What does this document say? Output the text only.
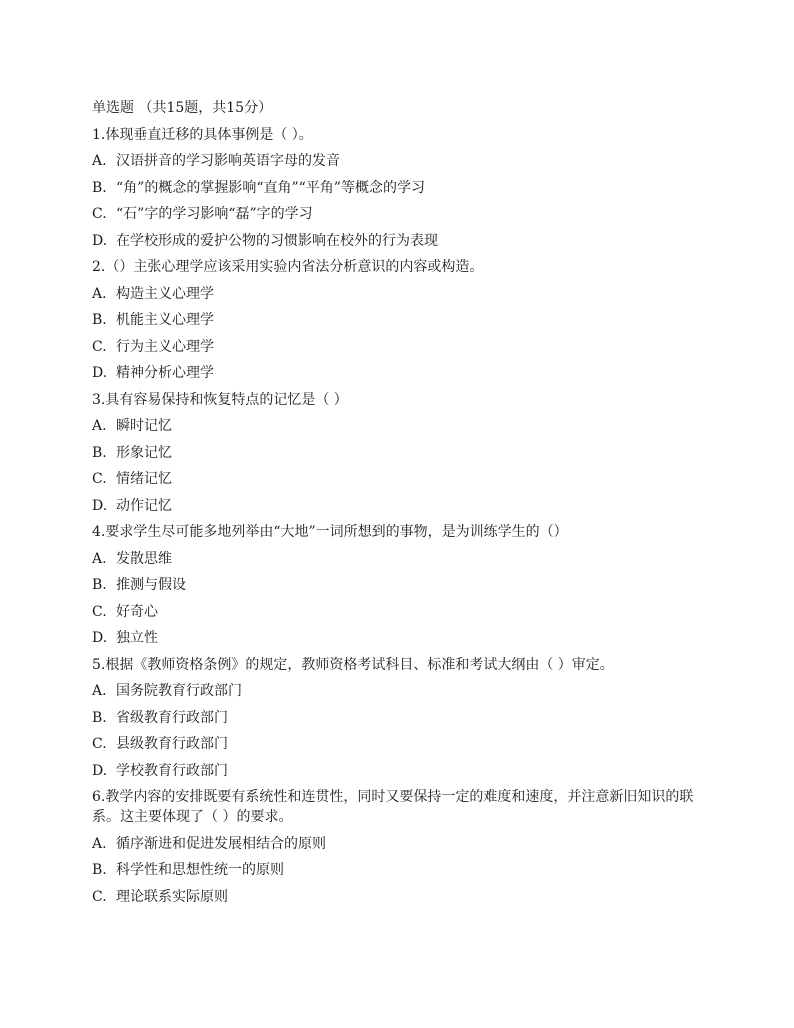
单选题 （共15题，共15分）
1.体现垂直迁移的具体事例是（ ）。
A. 汉语拼音的学习影响英语字母的发音
B. “角”的概念的掌握影响“直角”“平角”等概念的学习
C. “石”字的学习影响“磊”字的学习
D. 在学校形成的爱护公物的习惯影响在校外的行为表现
2.（）主张心理学应该采用实验内省法分析意识的内容或构造。
A. 构造主义心理学
B. 机能主义心理学
C. 行为主义心理学
D. 精神分析心理学
3.具有容易保持和恢复特点的记忆是（ ）
A. 瞬时记忆
B. 形象记忆
C. 情绪记忆
D. 动作记忆
4.要求学生尽可能多地列举由“大地”一词所想到的事物，是为训练学生的（）
A. 发散思维
B. 推测与假设
C. 好奇心
D. 独立性
5.根据《教师资格条例》的规定，教师资格考试科目、标准和考试大纲由（ ）审定。
A. 国务院教育行政部门
B. 省级教育行政部门
C. 县级教育行政部门
D. 学校教育行政部门
6.教学内容的安排既要有系统性和连贯性，同时又要保持一定的难度和速度，并注意新旧知识的联系。这主要体现了（ ）的要求。
A. 循序渐进和促进发展相结合的原则
B. 科学性和思想性统一的原则
C. 理论联系实际原则
